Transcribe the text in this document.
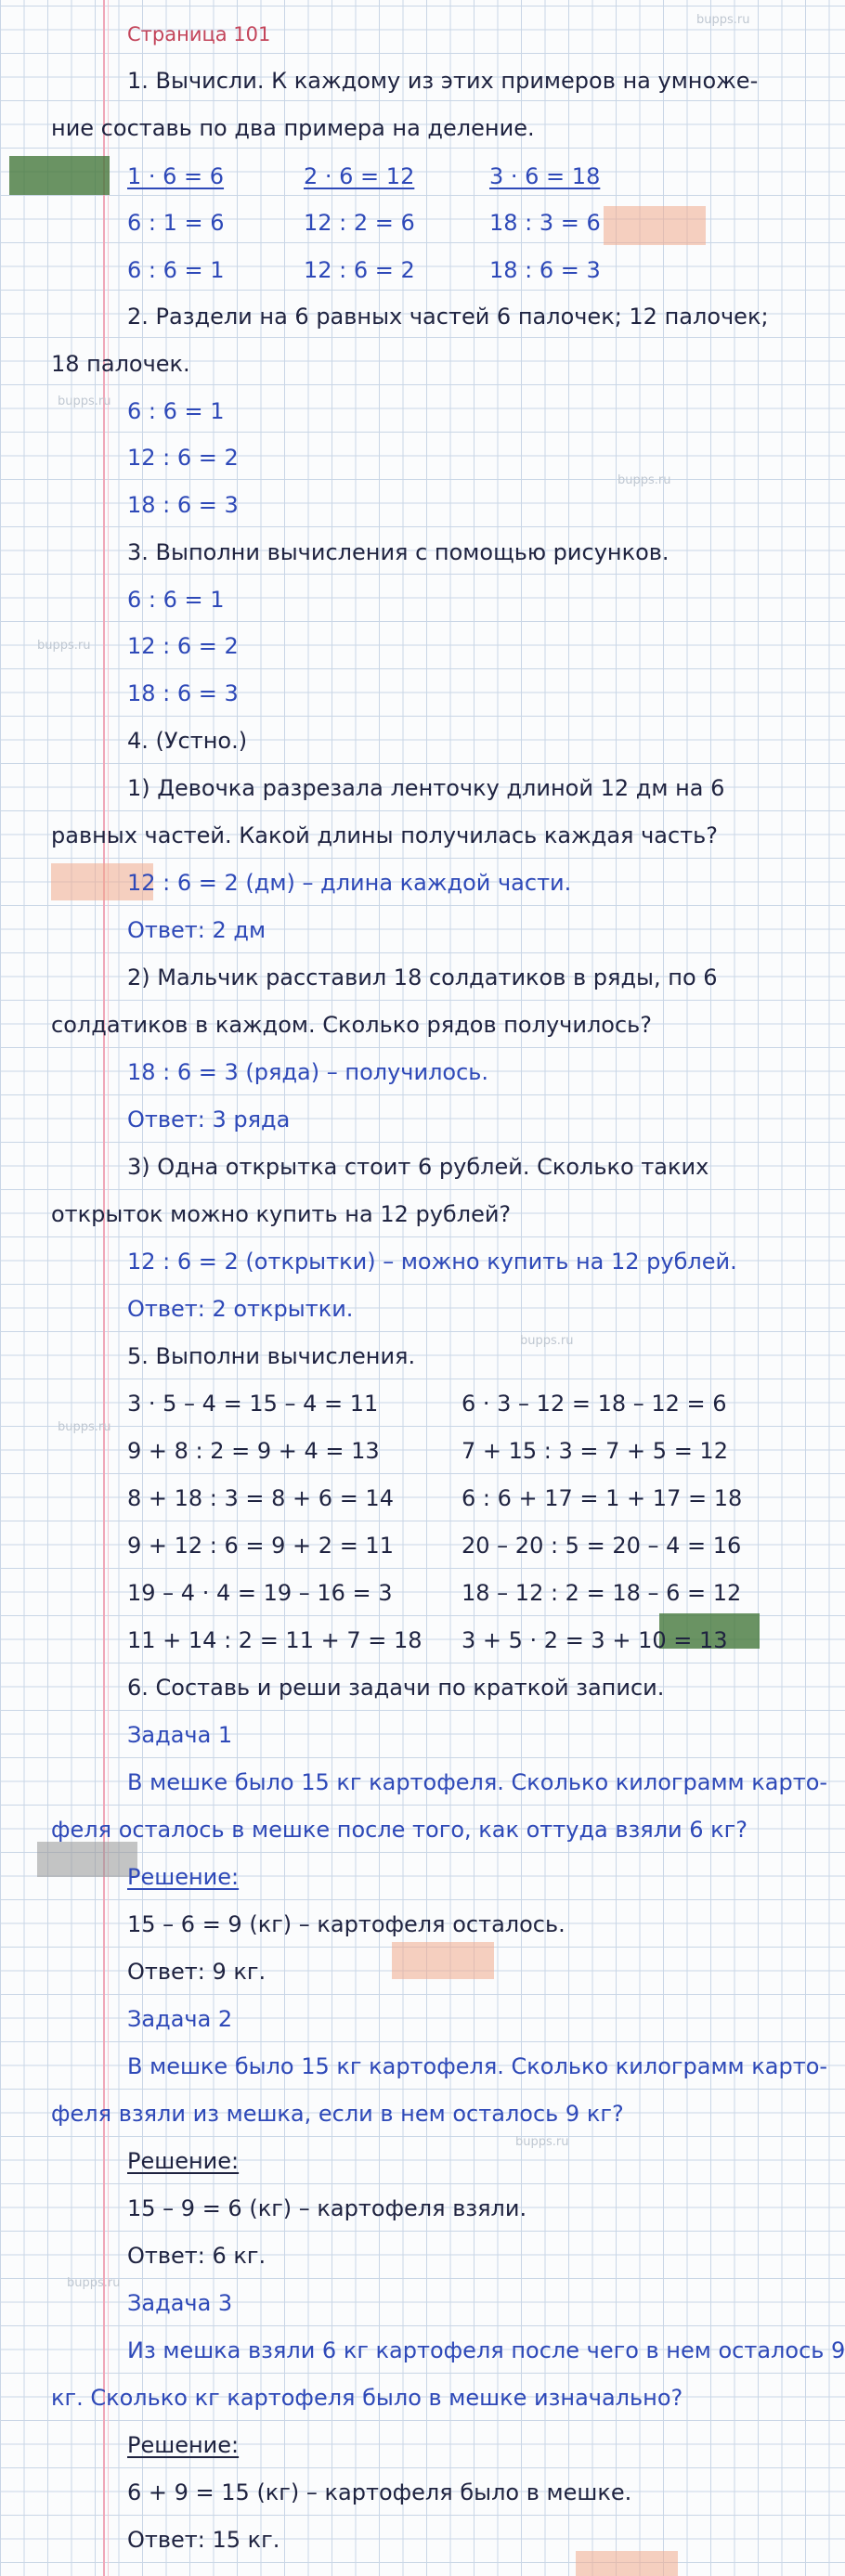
bupps.ru
bupps.ru
bupps.ru
bupps.ru
bupps.ru
bupps.ru
bupps.ru
bupps.ru
Страница 101
1. Вычисли. К каждому из этих примеров на умноже-
ние составь по два примера на деление.
1 · 6 = 6
6 : 1 = 6
6 : 6 = 1
2 · 6 = 12
12 : 2 = 6
12 : 6 = 2
3 · 6 = 18
18 : 3 = 6
18 : 6 = 3
2. Раздели на 6 равных частей 6 палочек; 12 палочек;
18 палочек.
6 : 6 = 1
12 : 6 = 2
18 : 6 = 3
3. Выполни вычисления с помощью рисунков.
6 : 6 = 1
12 : 6 = 2
18 : 6 = 3
4. (Устно.)
1) Девочка разрезала ленточку длиной 12 дм на 6
равных частей. Какой длины получилась каждая часть?
12 : 6 = 2 (дм) – длина каждой части.
Ответ: 2 дм
2) Мальчик расставил 18 солдатиков в ряды, по 6
солдатиков в каждом. Сколько рядов получилось?
18 : 6 = 3 (ряда) – получилось.
Ответ: 3 ряда
3) Одна открытка стоит 6 рублей. Сколько таких
открыток можно купить на 12 рублей?
12 : 6 = 2 (открытки) – можно купить на 12 рублей.
Ответ: 2 открытки.
5. Выполни вычисления.
3 · 5 – 4 = 15 – 4 = 11
9 + 8 : 2 = 9 + 4 = 13
8 + 18 : 3 = 8 + 6 = 14
9 + 12 : 6 = 9 + 2 = 11
19 – 4 · 4 = 19 – 16 = 3
11 + 14 : 2 = 11 + 7 = 18
6 · 3 – 12 = 18 – 12 = 6
7 + 15 : 3 = 7 + 5 = 12
6 : 6 + 17 = 1 + 17 = 18
20 – 20 : 5 = 20 – 4 = 16
18 – 12 : 2 = 18 – 6 = 12
3 + 5 · 2 = 3 + 10 = 13
6. Составь и реши задачи по краткой записи.
Задача 1
В мешке было 15 кг картофеля. Сколько килограмм карто-
феля осталось в мешке после того, как оттуда взяли 6 кг?
Решение:
15 – 6 = 9 (кг) – картофеля осталось.
Ответ: 9 кг.
Задача 2
В мешке было 15 кг картофеля. Сколько килограмм карто-
феля взяли из мешка, если в нем осталось 9 кг?
Решение:
15 – 9 = 6 (кг) – картофеля взяли.
Ответ: 6 кг.
Задача 3
Из мешка взяли 6 кг картофеля после чего в нем осталось 9
кг. Сколько кг картофеля было в мешке изначально?
Решение:
6 + 9 = 15 (кг) – картофеля было в мешке.
Ответ: 15 кг.
